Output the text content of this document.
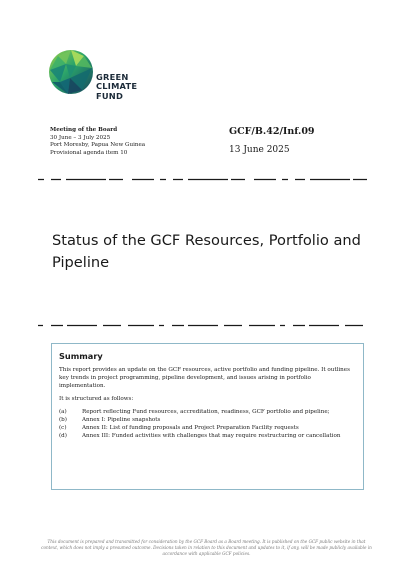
GREEN
CLIMATE
FUND
Meeting of the Board
30 June – 3 July 2025
Port Moresby, Papua New Guinea
Provisional agenda item 10
GCF/B.42/Inf.09
13 June 2025
Status of the GCF Resources, Portfolio and Pipeline
Summary

This report provides an update on the GCF resources, active portfolio and funding pipeline. It outlines key trends in project programming, pipeline development, and issues arising in portfolio implementation.

It is structured as follows:

(a)	Report reflecting Fund resources, accreditation, readiness, GCF portfolio and pipeline;
(b)	Annex I: Pipeline snapshots
(c)	Annex II: List of funding proposals and Project Preparation Facility requests
(d)	Annex III: Funded activities with challenges that may require restructuring or cancellation
This document is prepared and transmitted for consideration by the GCF Board as a Board meeting. It is published on the GCF public website in that context, which does not imply a presumed outcome. Decisions taken in relation to this document and updates to it, if any, will be made publicly available in accordance with applicable GCF policies.
